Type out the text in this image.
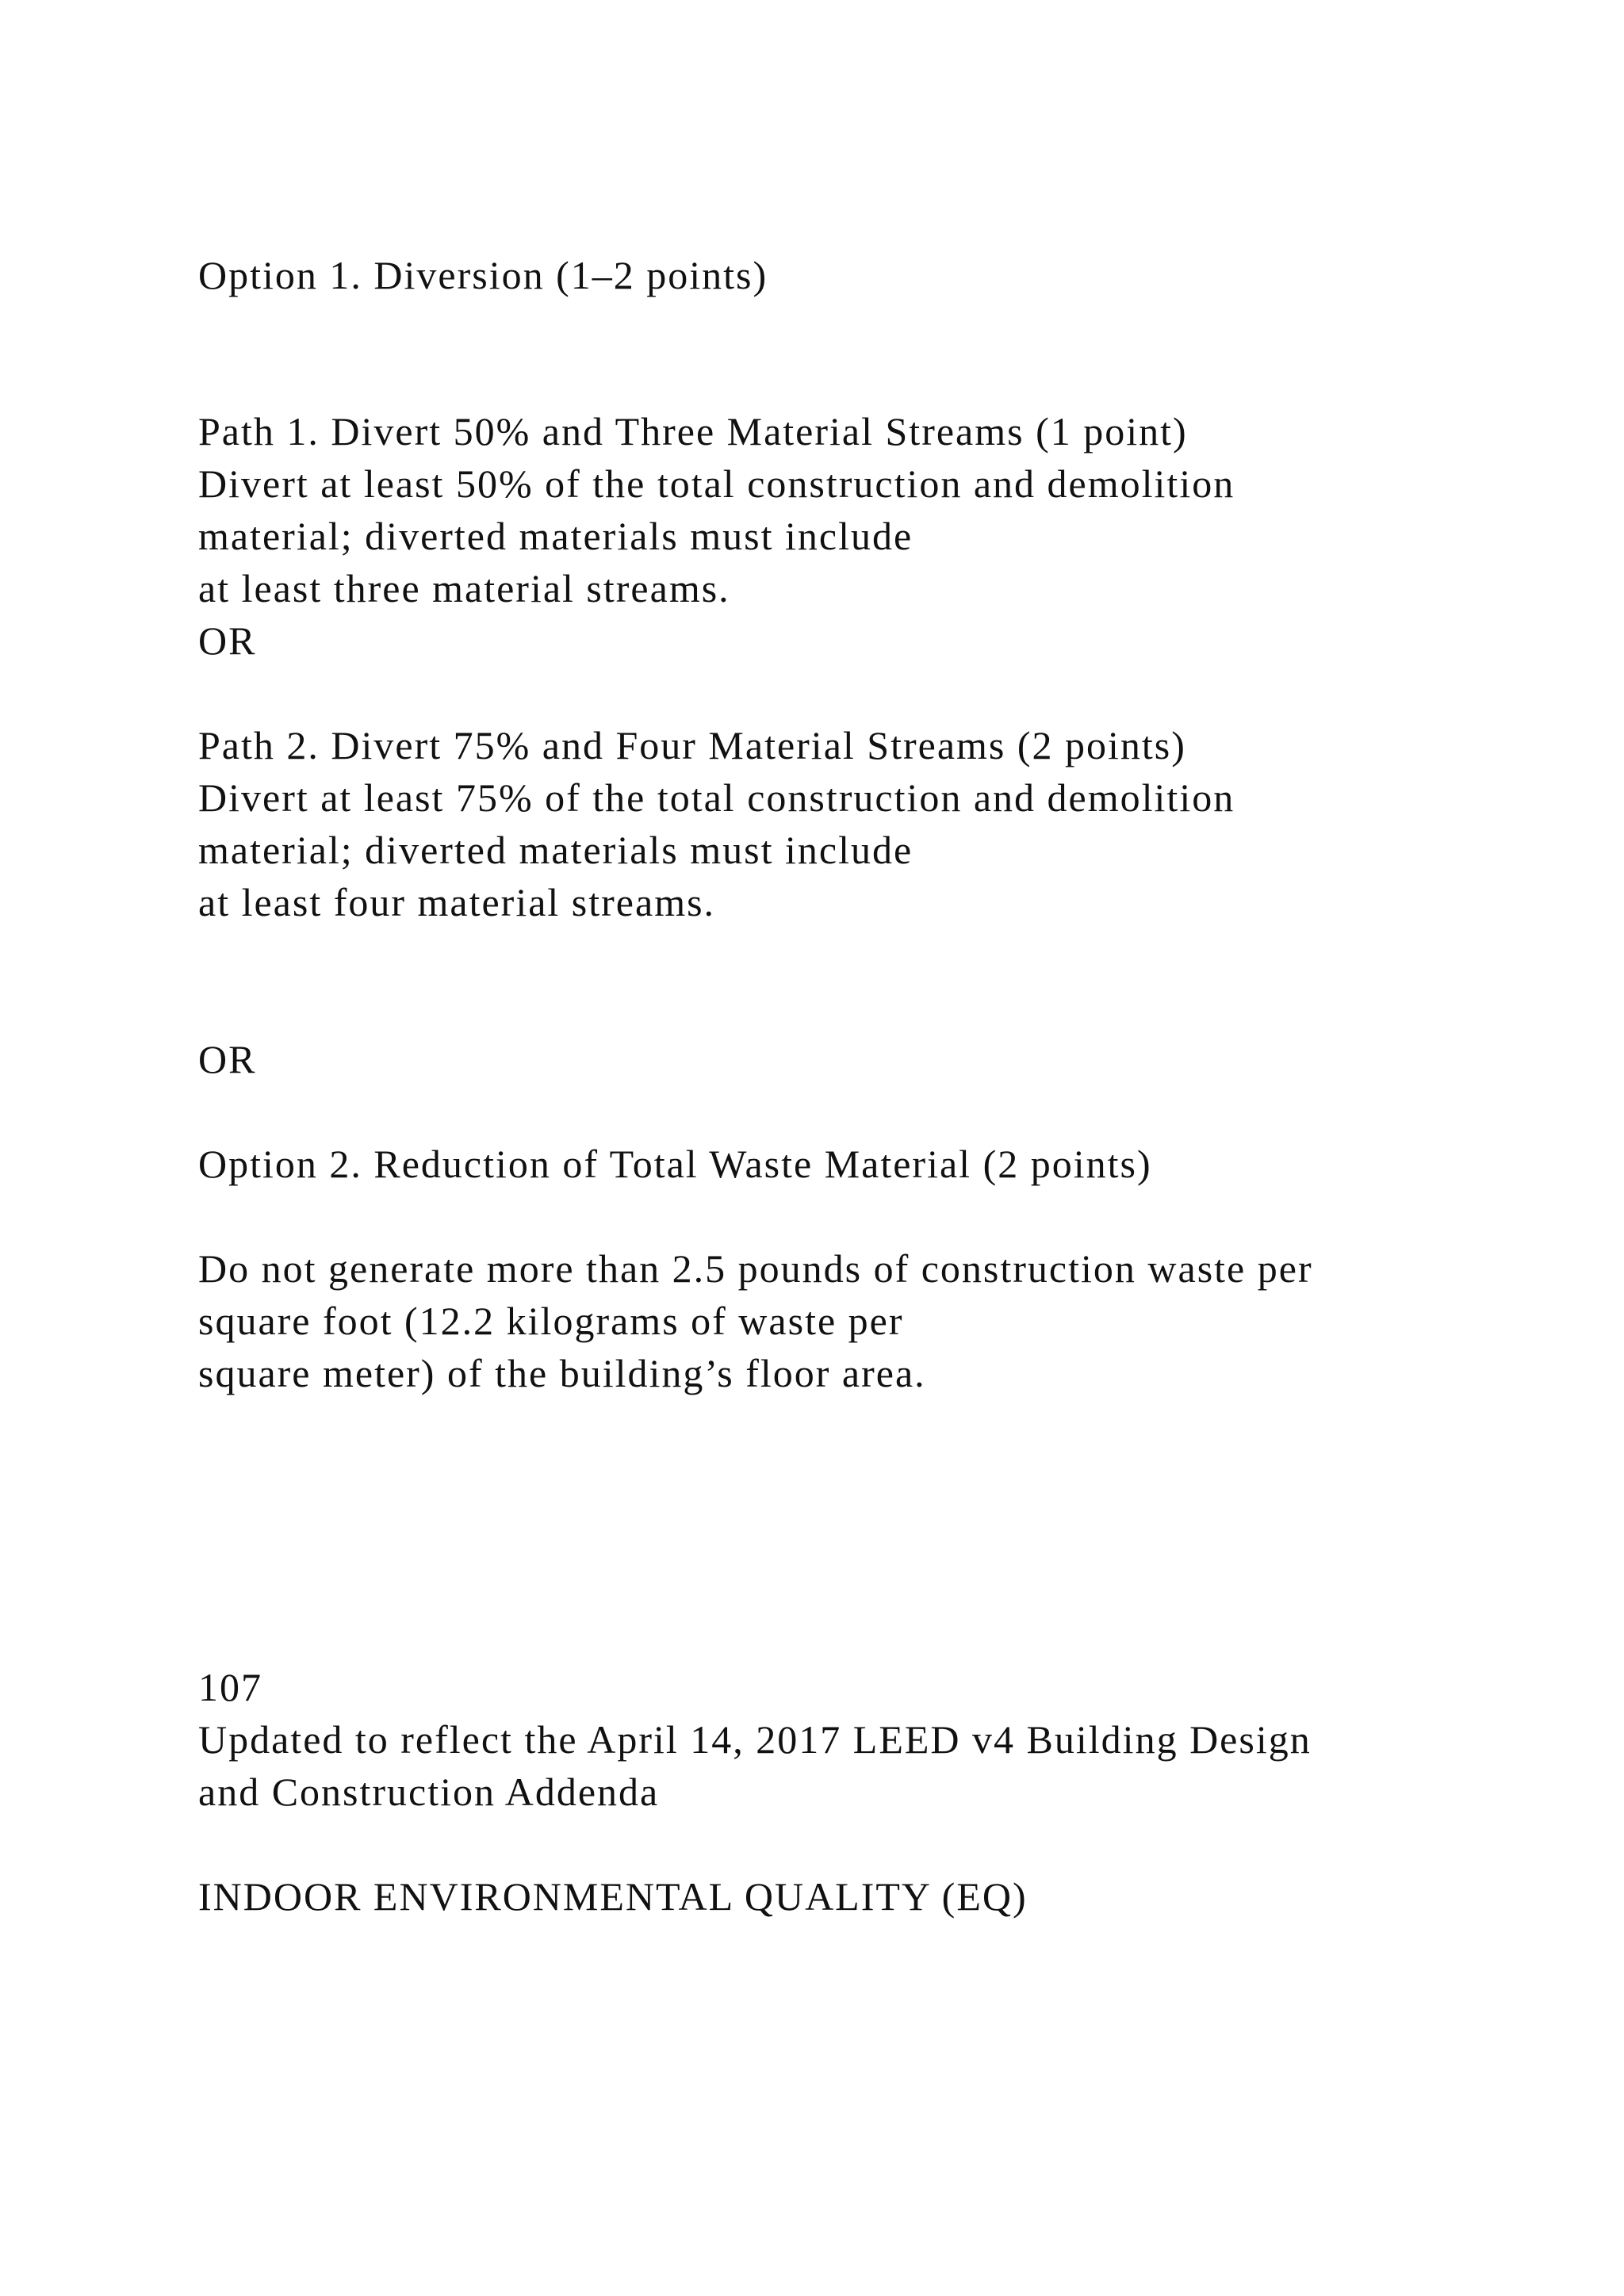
Option 1. Diversion (1–2 points)
Path 1. Divert 50% and Three Material Streams (1 point)
Divert at least 50% of the total construction and demolition
material; diverted materials must include
at least three material streams.
OR
Path 2. Divert 75% and Four Material Streams (2 points)
Divert at least 75% of the total construction and demolition
material; diverted materials must include
at least four material streams.
OR
Option 2. Reduction of Total Waste Material (2 points)
Do not generate more than 2.5 pounds of construction waste per
square foot (12.2 kilograms of waste per
square meter) of the building’s floor area.
107
Updated to reflect the April 14, 2017 LEED v4 Building Design
and Construction Addenda
INDOOR ENVIRONMENTAL QUALITY (EQ)
